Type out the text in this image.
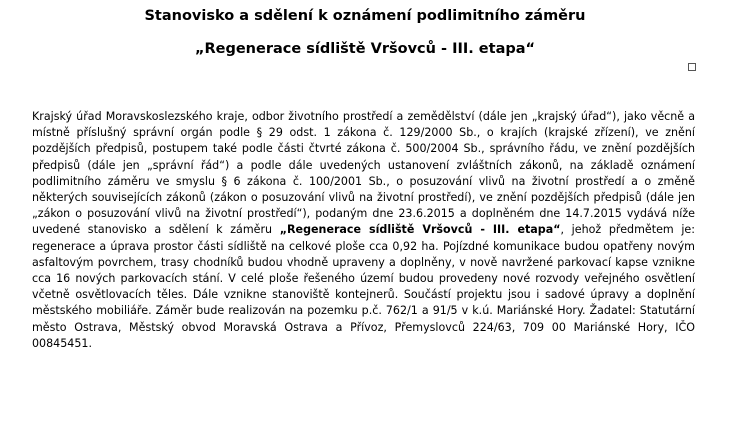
Stanovisko a sdělení k oznámení podlimitního záměru
„Regenerace sídliště Vršovců - III. etapa“
Krajský úřad Moravskoslezského kraje, odbor životního prostředí a zemědělství (dále jen „krajský úřad“), jako věcně a místně příslušný správní orgán podle § 29 odst. 1 zákona č. 129/2000 Sb., o krajích (krajské zřízení), ve znění pozdějších předpisů, postupem také podle části čtvrté zákona č. 500/2004 Sb., správního řádu, ve znění pozdějších předpisů (dále jen „správní řád“) a podle dále uvedených ustanovení zvláštních zákonů, na základě oznámení podlimitního záměru ve smyslu § 6 zákona č. 100/2001 Sb., o posuzování vlivů na životní prostředí a o změně některých souvisejících zákonů (zákon o posuzování vlivů na životní prostředí), ve znění pozdějších předpisů (dále jen „zákon o posuzování vlivů na životní prostředí“), podaným dne 23.6.2015 a doplněném dne 14.7.2015 vydává níže uvedené stanovisko a sdělení k záměru „Regenerace sídliště Vršovců - III. etapa“, jehož předmětem je: regenerace a úprava prostor části sídliště na celkové ploše cca 0,92 ha. Pojízdné komunikace budou opatřeny novým asfaltovým povrchem, trasy chodníků budou vhodně upraveny a doplněny, v nově navržené parkovací kapse vznikne cca 16 nových parkovacích stání. V celé ploše řešeného území budou provedeny nové rozvody veřejného osvětlení včetně osvětlovacích těles. Dále vznikne stanoviště kontejnerů. Součástí projektu jsou i sadové úpravy a doplnění městského mobiliáře. Záměr bude realizován na pozemku p.č. 762/1 a 91/5 v k.ú. Mariánské Hory. Žadatel: Statutární město Ostrava, Městský obvod Moravská Ostrava a Přívoz, Přemyslovců 224/63, 709 00 Mariánské Hory, IČO 00845451.
